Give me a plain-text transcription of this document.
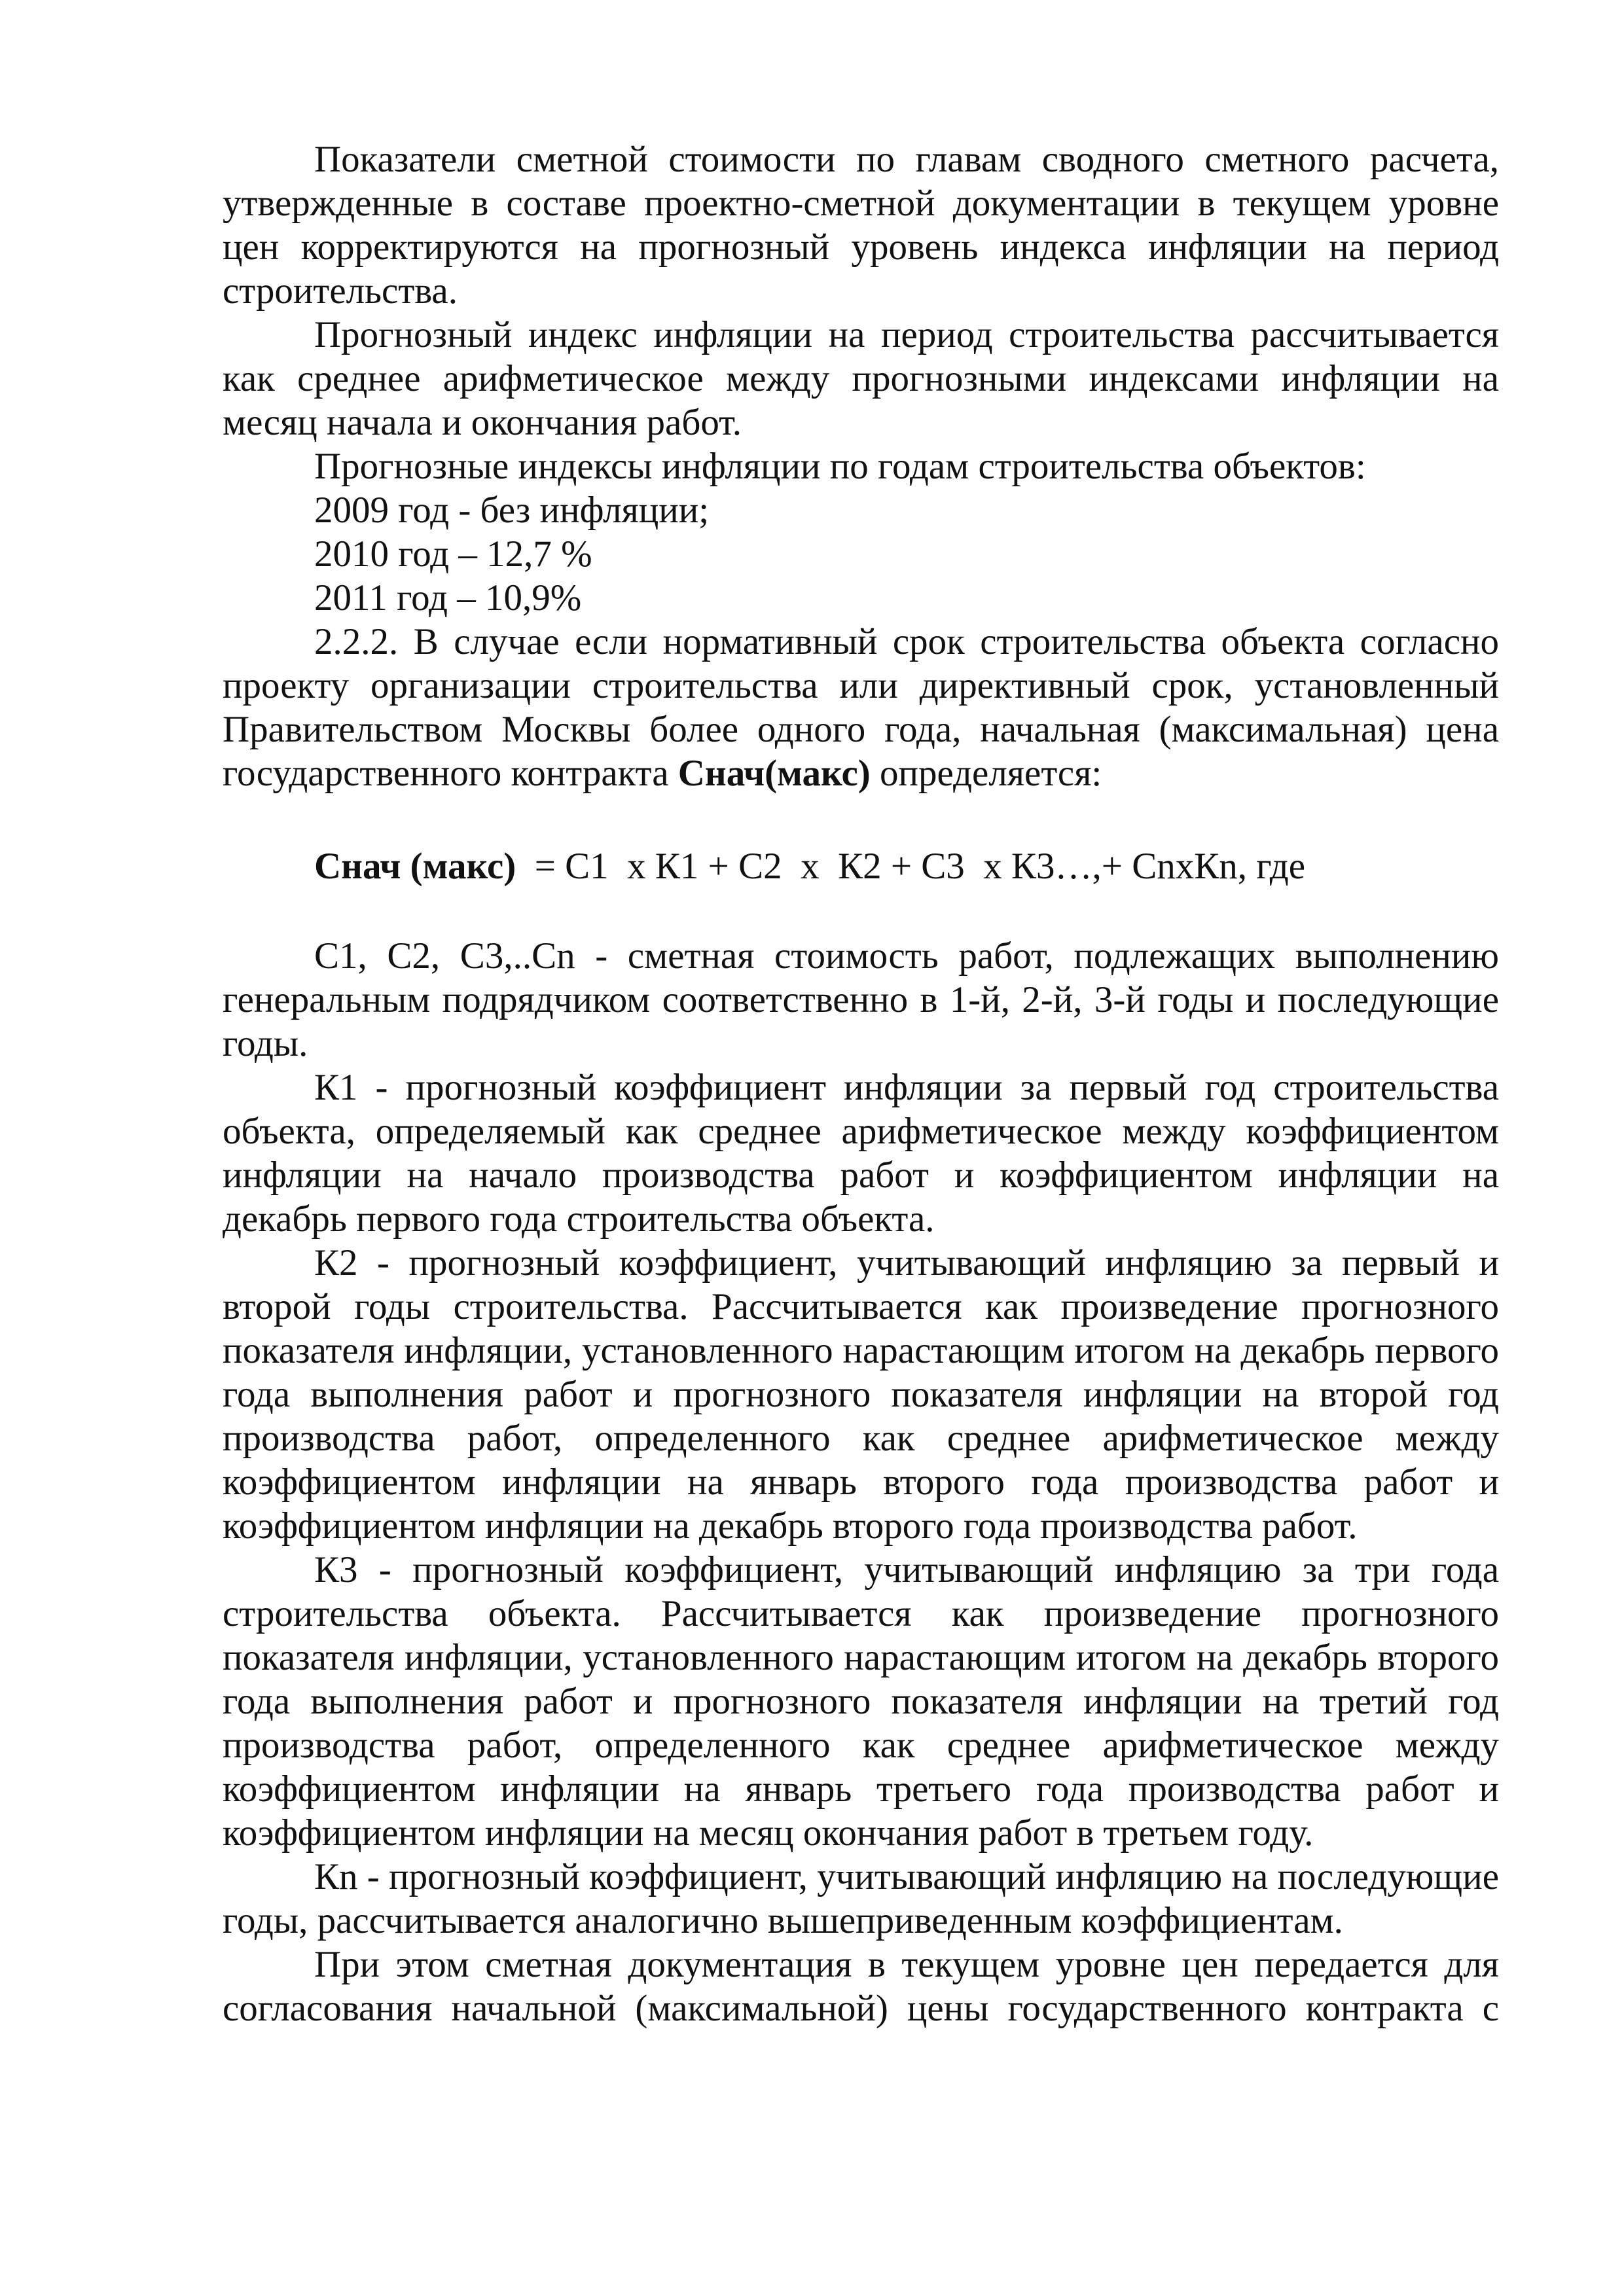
Показатели сметной стоимости по главам сводного сметного расчета, утвержденные в составе проектно-сметной документации в текущем уровне цен корректируются на прогнозный уровень индекса инфляции на период строительства.

Прогнозный индекс инфляции на период строительства рассчитывается как среднее арифметическое между прогнозными индексами инфляции на месяц начала и окончания работ.

Прогнозные индексы инфляции по годам строительства объектов:

2009 год - без инфляции;

2010 год – 12,7 %

2011 год – 10,9%

2.2.2. В случае если нормативный срок строительства объекта согласно проекту организации строительства или директивный срок, установленный Правительством Москвы более одного года, начальная (максимальная) цена государственного контракта Снач(макс) определяется:

Снач (макс)  = С1  х К1 + С2  х  К2 + С3  х К3…,+ СnхКn, где

С1, С2, С3,..Сn - сметная стоимость работ, подлежащих выполнению генеральным подрядчиком соответственно в 1-й, 2-й, 3-й годы и последующие годы.

К1 - прогнозный коэффициент инфляции за первый год строительства объекта, определяемый как среднее арифметическое между коэффициентом инфляции на начало производства работ и коэффициентом инфляции на декабрь первого года строительства объекта.

К2 - прогнозный коэффициент, учитывающий инфляцию за первый и второй годы строительства. Рассчитывается как произведение прогнозного показателя инфляции, установленного нарастающим итогом на декабрь первого года выполнения работ и прогнозного показателя инфляции на второй год производства работ, определенного как среднее арифметическое между коэффициентом инфляции на январь второго года производства работ и коэффициентом инфляции на декабрь второго года производства работ.

К3 - прогнозный коэффициент, учитывающий инфляцию за три года строительства объекта. Рассчитывается как произведение прогнозного показателя инфляции, установленного нарастающим итогом на декабрь второго года выполнения работ и прогнозного показателя инфляции на третий год производства работ, определенного как среднее арифметическое между коэффициентом инфляции на январь третьего года производства работ и коэффициентом инфляции на месяц окончания работ в третьем году.

Кn - прогнозный коэффициент, учитывающий инфляцию на последующие годы, рассчитывается аналогично вышеприведенным коэффициентам.

При этом сметная документация в текущем уровне цен передается для согласования начальной (максимальной) цены государственного контракта с
